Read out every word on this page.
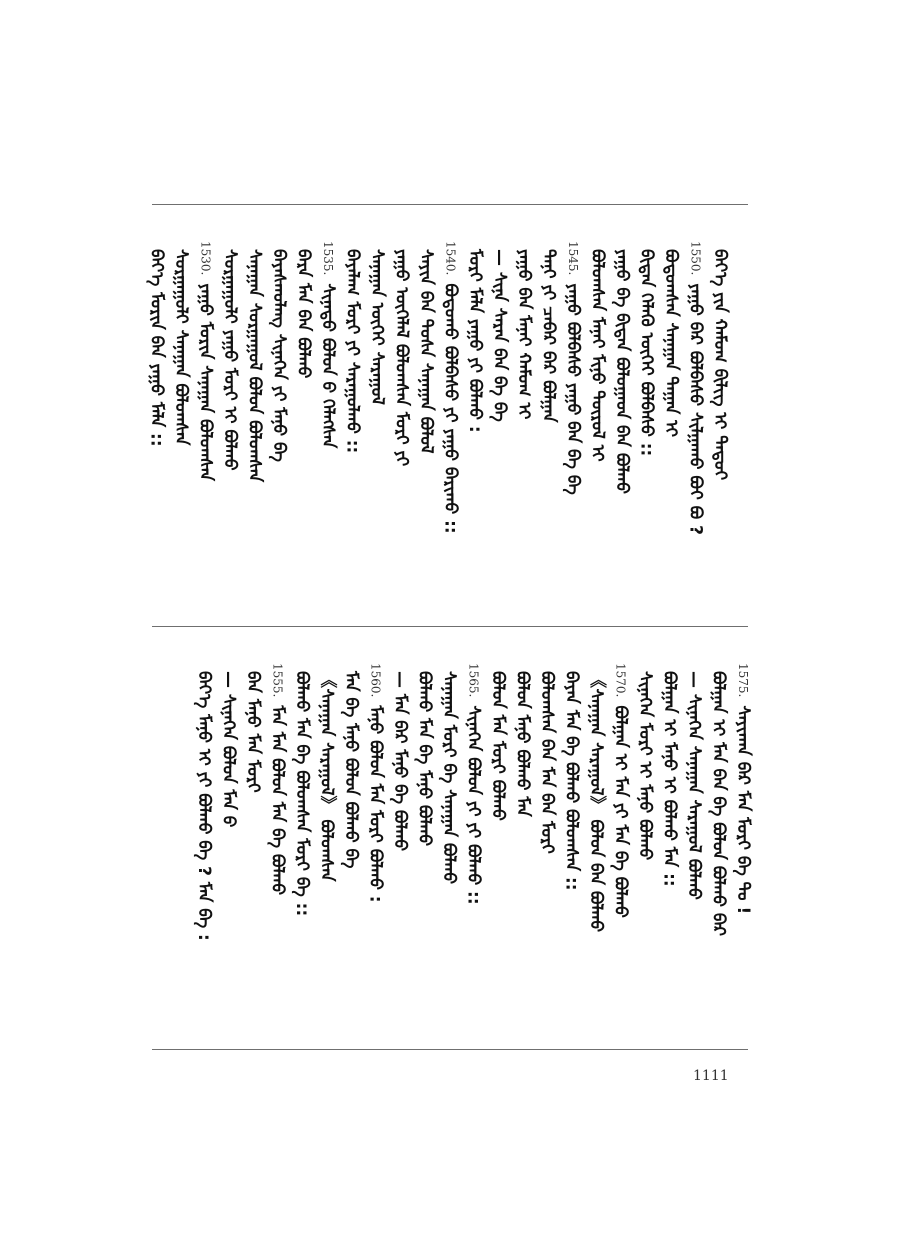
ᠪᠡᠶ᠎ᠡ ᠶᠢᠨ ᠬᠠᠮᠤᠭ ᠪᠢᠯᠢᠭ ᠢ ᠲᠡᠳᠤᠢ
1550.ᠶᠠᠭᠤ ᠪᠡᠷ ᠪᠤᠯᠪᠠᠰᠤ ᠰᠢᠯᠭᠠᠬᠤ ᠪᠤᠢ ᠪᠤ ?
ᠪᠣᠳᠣᠭᠰᠠᠨ ᠰᠠᠨᠠᠭᠠᠨ ᠳᠠᠭᠠᠨ ᠢ
ᠪᠢᠳᠡᠨ ᠬᠡᠯᠡᠬᠦ ᠦᠭᠡᠢ ᠪᠣᠯᠪᠠᠰᠤ ::
ᠶᠠᠭᠤ ᠪᠡ ᠪᠢᠳᠡᠨ ᠪᠣᠯᠤᠭᠠᠳ ᠪᠠᠨ ᠪᠣᠯᠬᠤ
ᠪᠣᠯᠣᠭᠰᠠᠨ ᠮᠠᠨᠠᠢ ᠮᠢᠨᠦ ᠲᠦᠷᠦᠯ ᠢ
1545.ᠶᠠᠭᠤ ᠪᠣᠯᠪᠠᠰᠤ ᠶᠠᠭᠤ ᠪᠠᠨ ᠪᠡ ᠪᠡ
ᠲᠠᠨᠢ ᠶᠢ ᠴᠡᠪᠡᠷ ᠪᠡᠷ ᠪᠤᠯᠭᠠᠨ
ᠶᠠᠭᠤ ᠪᠡᠨ ᠮᠠᠨᠠᠢ ᠬᠠᠮᠤᠭ ᠢ
— ᠰᠢᠨᠡ ᠰᠠᠷᠠᠨ ᠪᠠᠨ ᠪᠡ ᠪᠡ
ᠮᠣᠷᠢ ᠮᠠᠯᠠ ᠶᠠᠭᠤ ᠶᠢ ᠪᠣᠯᠬᠤ :
1540.ᠪᠣᠳᠣᠬᠤ ᠪᠣᠯᠪᠠᠰᠤ ᠶᠢ ᠶᠠᠭᠤ ᠪᠠᠷᠢᠬᠤ ::
ᠰᠠᠶᠢᠨ ᠪᠠᠨ ᠲᠤᠰᠠ ᠰᠠᠨᠠᠭᠠᠨ ᠪᠣᠯᠤᠯ
ᠶᠠᠭᠤ ᠦᠭᠡᠯᠡᠯ ᠪᠣᠯᠤᠭᠰᠠᠨ ᠮᠣᠷᠢ ᠶᠢ
ᠰᠠᠨᠠᠭᠠᠨ ᠦᠭᠡᠢ ᠰᠠᠷᠠᠭᠤᠯ
ᠪᠠᠶᠠᠯᠠᠭ ᠮᠣᠷᠢ ᠶᠢ ᠰᠠᠷᠠᠭᠤᠯᠬᠤ ::
1535.ᠰᠢᠨᠡᠳᠦ ᠪᠣᠯᠤᠨ ᠪ ᠬᠡᠯᠡᠭᠰᠡᠨ
ᠪᠡᠷᠡ ᠮᠠᠨ ᠪᠠᠨ ᠪᠣᠯᠬᠤ
ᠪᠠᠶᠠᠰᠬᠤᠯᠠᠩ ᠰᠢᠨᠡᠬᠡᠨ ᠶᠢ ᠮᠠᠨᠤ ᠪᠡ
ᠰᠠᠨᠠᠭᠠᠨ ᠰᠤᠷᠭᠠᠭᠤᠯ ᠪᠣᠯᠤᠨ ᠪᠣᠯᠤᠭᠰᠠᠨ
ᠰᠤᠷᠭᠠᠭᠤᠯᠢ ᠶᠠᠭᠤ ᠮᠣᠷᠢ ᠢ ᠪᠣᠯᠬᠤ
1530.ᠶᠠᠭᠤ ᠮᠣᠷᠢᠨ ᠰᠠᠨᠠᠭᠠᠨ ᠪᠣᠯᠤᠭᠰᠠᠨ
ᠰᠤᠷᠭᠠᠭᠤᠯᠢ ᠰᠠᠨᠠᠭᠠᠨ ᠪᠣᠯᠤᠭᠰᠠᠨ
ᠪᠡᠶ᠎ᠡ ᠮᠣᠷᠢᠨ ᠪᠠᠨ ᠶᠠᠭᠤ ᠮᠠᠯᠠ ::
1575.ᠰᠠᠶᠢᠬᠠᠨ ᠪᠠᠷ ᠮᠠᠨ ᠮᠣᠷᠢ ᠪᠡ ᠲᠤ !
ᠪᠤᠯᠭᠠᠨ ᠢ ᠮᠠᠨ ᠪᠠᠨ ᠪᠡ ᠪᠤᠯᠤᠨ ᠪᠣᠯᠬᠤ ᠪᠡᠷ
— ᠰᠢᠨᠡᠬᠡᠨ ᠰᠠᠨᠠᠭᠠᠨ ᠰᠠᠷᠠᠭᠤᠯ ᠪᠣᠯᠬᠤ
ᠪᠣᠯᠭᠠᠨ ᠢ ᠮᠠᠨᠤ ᠢ ᠪᠣᠯᠬᠤ ᠮᠠᠨ ::
ᠰᠢᠨᠡᠬᠡᠨ ᠮᠣᠷᠢ ᠢ ᠮᠠᠨᠤ ᠪᠣᠯᠬᠤ
1570.ᠪᠣᠯᠭᠠᠨ ᠢ ᠮᠠᠨ ᠶᠢ ᠮᠠᠨ ᠪᠡ ᠪᠣᠯᠬᠤ
《ᠰᠠᠨᠠᠭᠠᠨ ᠰᠠᠷᠠᠭᠤᠯ》 ᠪᠣᠯᠤᠨ ᠪᠠᠨ ᠪᠣᠯᠬᠤ
ᠪᠠᠶᠠᠨ ᠮᠠᠨ ᠪᠡ ᠪᠣᠯᠬᠤ ᠪᠣᠯᠤᠭᠰᠠᠨ ::
ᠪᠣᠯᠤᠭᠰᠠᠨ ᠪᠠᠨ ᠮᠠᠨ ᠪᠠᠨ ᠮᠣᠷᠢ
ᠪᠣᠯᠤᠨ ᠮᠠᠨᠤ ᠪᠣᠯᠬᠤ ᠮᠠᠨ
ᠪᠣᠯᠤᠨ ᠮᠠᠨ ᠮᠣᠷᠢ ᠪᠣᠯᠬᠤ
1565.ᠰᠢᠨᠡᠬᠡᠨ ᠪᠣᠯᠤᠨ ᠶᠢ ᠶᠢ ᠪᠣᠯᠬᠤ ::
ᠰᠠᠨᠠᠭᠠᠨ ᠮᠣᠷᠢ ᠪᠡ ᠰᠠᠨᠠᠭᠠᠨ ᠪᠣᠯᠬᠤ
ᠪᠣᠯᠬᠤ ᠮᠠᠨ ᠪᠡ ᠮᠠᠨᠤ ᠪᠣᠯᠬᠤ
— ᠮᠠᠨ ᠪᠡᠷ ᠮᠠᠨᠤ ᠪᠡ ᠪᠣᠯᠬᠤ
1560.ᠮᠠᠨᠤ ᠪᠣᠯᠤᠨ ᠮᠠᠨ ᠮᠣᠷᠢ ᠪᠣᠯᠬᠤ :
ᠮᠠᠨ ᠪᠡ ᠮᠠᠨᠤ ᠪᠣᠯᠤᠨ ᠪᠣᠯᠬᠤ ᠪᠡ
《ᠰᠠᠨᠠᠭᠠᠨ ᠰᠠᠷᠠᠭᠤᠯ》 ᠪᠣᠯᠤᠭᠰᠠᠨ
ᠪᠣᠯᠬᠤ ᠮᠠᠨ ᠪᠡ ᠪᠣᠯᠤᠭᠰᠠᠨ ᠮᠣᠷᠢ ᠪᠡ ::
1555.ᠮᠠᠨ ᠮᠠᠨ ᠪᠣᠯᠤᠨ ᠮᠠᠨ ᠪᠡ ᠪᠣᠯᠬᠤ
ᠪᠠᠨ ᠮᠠᠨᠤ ᠮᠠᠨ ᠮᠣᠷᠢ
— ᠰᠢᠨᠡᠬᠡᠨ ᠪᠣᠯᠤᠨ ᠮᠠᠨ ᠪ
ᠪᠡᠶ᠎ᠡ ᠮᠠᠨᠤ ᠢ ᠶᠢ ᠪᠣᠯᠬᠤ ᠪᠡ ? ᠮᠠᠨ ᠪᠡ :
1111
